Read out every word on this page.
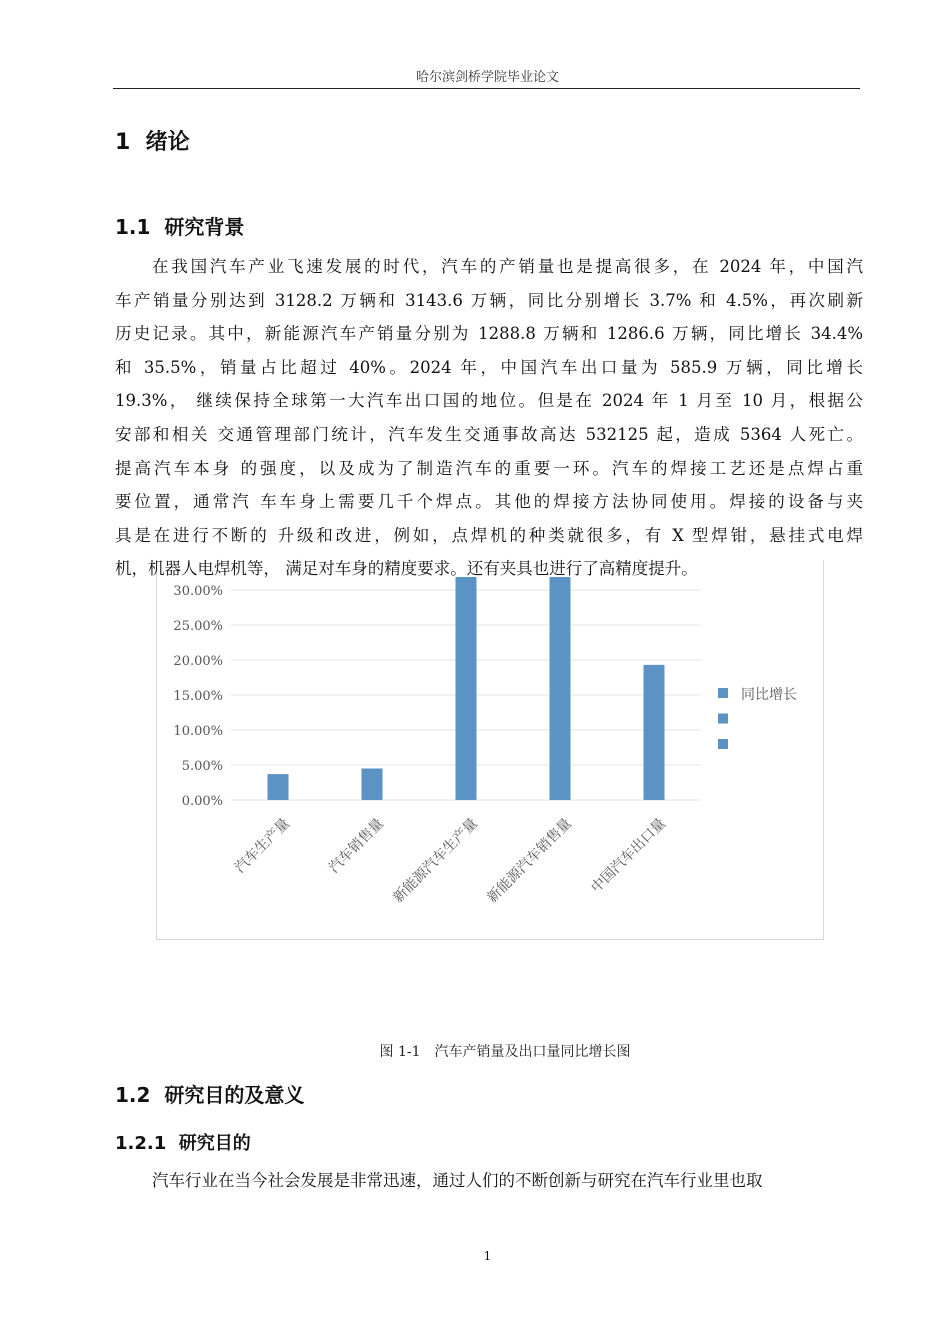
哈尔滨剑桥学院毕业论文
1 绪论
1.1 研究背景
0.00%
5.00%
10.00%
15.00%
20.00%
25.00%
30.00%
汽车生产量 汽车销售量 新能源汽车生产量 新能源汽车销售量 中国汽车出口量
同比增长
在我国汽车产业飞速发展的时代，汽车的产销量也是提高很多，在 2024 年，中国汽
车产销量分别达到 3128.2 万辆和 3143.6 万辆，同比分别增长 3.7% 和 4.5%，再次刷新
历史记录。其中，新能源汽车产销量分别为 1288.8 万辆和 1286.6 万辆，同比增长 34.4%
和 35.5%，销量占比超过 40%。2024 年，中国汽车出口量为 585.9 万辆，同比增长
19.3%， 继续保持全球第一大汽车出口国的地位。但是在 2024 年 1 月至 10 月，根据公
安部和相关 交通管理部门统计，汽车发生交通事故高达 532125 起，造成 5364 人死亡。
提高汽车本身 的强度，以及成为了制造汽车的重要一环。汽车的焊接工艺还是点焊占重
要位置，通常汽 车车身上需要几千个焊点。其他的焊接方法协同使用。焊接的设备与夹
具是在进行不断的 升级和改进，例如，点焊机的种类就很多，有 X 型焊钳，悬挂式电焊
机，机器人电焊机等， 满足对车身的精度要求。还有夹具也进行了高精度提升。
图 1-1　汽车产销量及出口量同比增长图
1.2 研究目的及意义
1.2.1 研究目的
汽车行业在当今社会发展是非常迅速，通过人们的不断创新与研究在汽车行业里也取
1
